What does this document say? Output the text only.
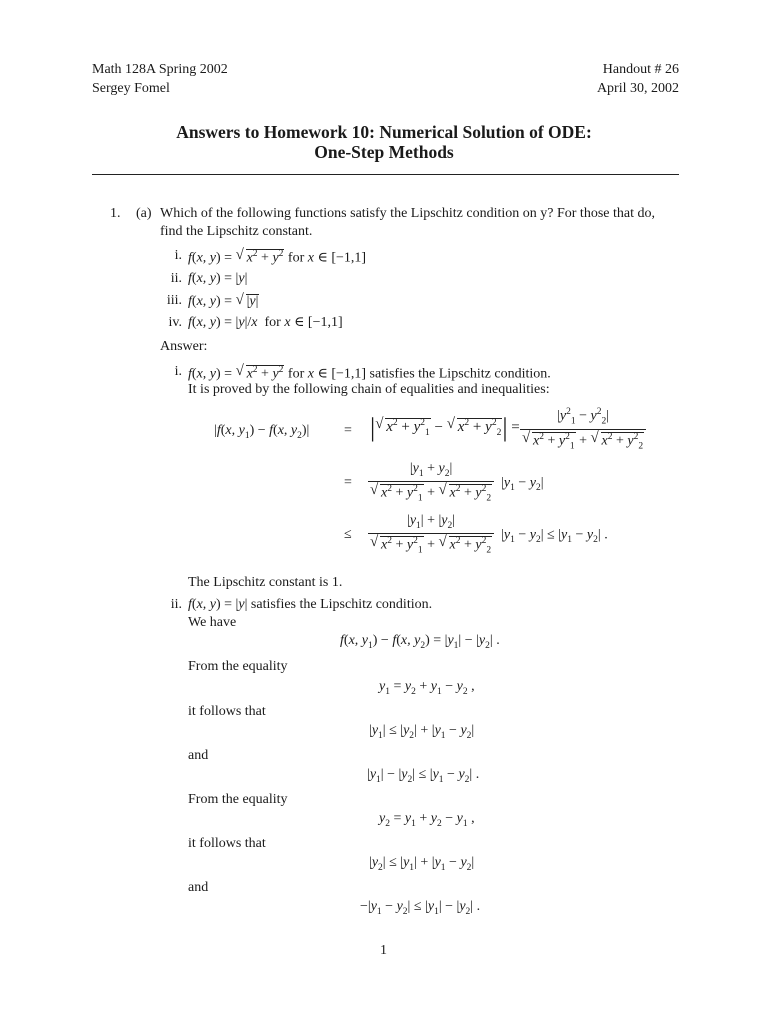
Math 128A Spring 2002
Sergey Fomel
Handout # 26
April 30, 2002
Answers to Homework 10: Numerical Solution of ODE:
One-Step Methods
1. (a) Which of the following functions satisfy the Lipschitz condition on y? For those that do,
find the Lipschitz constant.
i. f(x, y) = √ $x^2 + y^2$ for x ∈ [−1,1]
ii. f(x, y) = |y|
iii. f(x, y) = √ |y|
iv. f(x, y) = |y|/x  for x ∈ [−1,1]
Answer:
i. f(x, y) = √ $x^2 + y^2$ for x ∈ [−1,1] satisfies the Lipschitz condition.
It is proved by the following chain of equalities and inequalities:
|f(x, $y_1) - f(x$, $y_2)|$ = |√ $x^2 + y^2_1$ − √ $x^2 + y^2_2| = |y^2_1 - y^2_2|$
√ $x^2 + y^2_1$ + √ $x^2 + y^2_2$
= $|y_1 + y_2|$
√ $x^2 + y^2_1$ + √ $x^2 + y^2_2$ $|y_1 - y_2|$
≤ $|y_1| + |y_2|$
√ $x^2 + y^2_1$ + √ $x^2 + y^2_2$ $|y_1 - y_2| \le |y_1 - y_2|$ .
The Lipschitz constant is 1.
ii. f(x, y) = |y| satisfies the Lipschitz condition.
We have
f(x, $y_1) - f(x$, $y_2) = |y_1| - |y_2|$ .
From the equality
$y_1 = y_2 + y_1 - y_2$ ,
it follows that
$|y_1| \le |y_2| + |y_1 - y_2|$
and
$|y_1| - |y_2| \le |y_1 - y_2|$ .
From the equality
$y_2 = y_1 + y_2 - y_1$ ,
it follows that
$|y_2| \le |y_1| + |y_1 - y_2|$
and
$-|y_1 - y_2| \le |y_1| - |y_2|$ .
1
